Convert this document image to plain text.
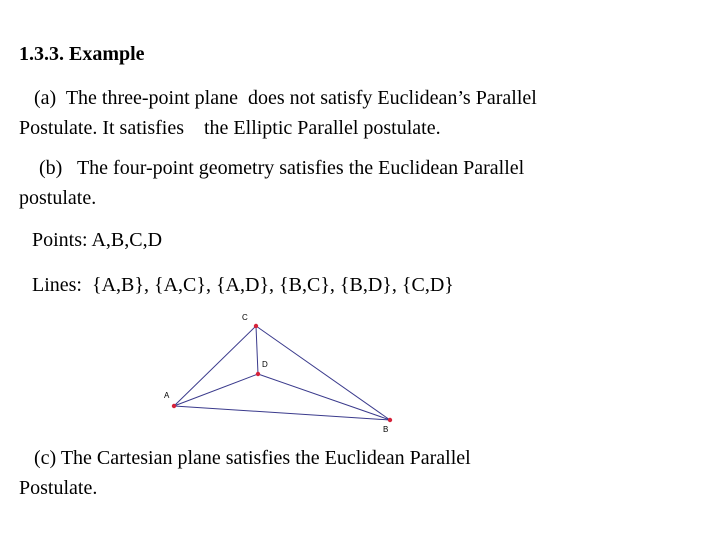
1.3.3. Example

(a)  The three-point plane  does not satisfy Euclidean’s Parallel
Postulate. It satisfies    the Elliptic Parallel postulate.

(b)   The four-point geometry satisfies the Euclidean Parallel
postulate.

Points: A,B,C,D
Lines:  {A,B}, {A,C}, {A,D}, {B,C}, {B,D}, {C,D}
A
B
C
D

(c) The Cartesian plane satisfies the Euclidean Parallel
Postulate.
